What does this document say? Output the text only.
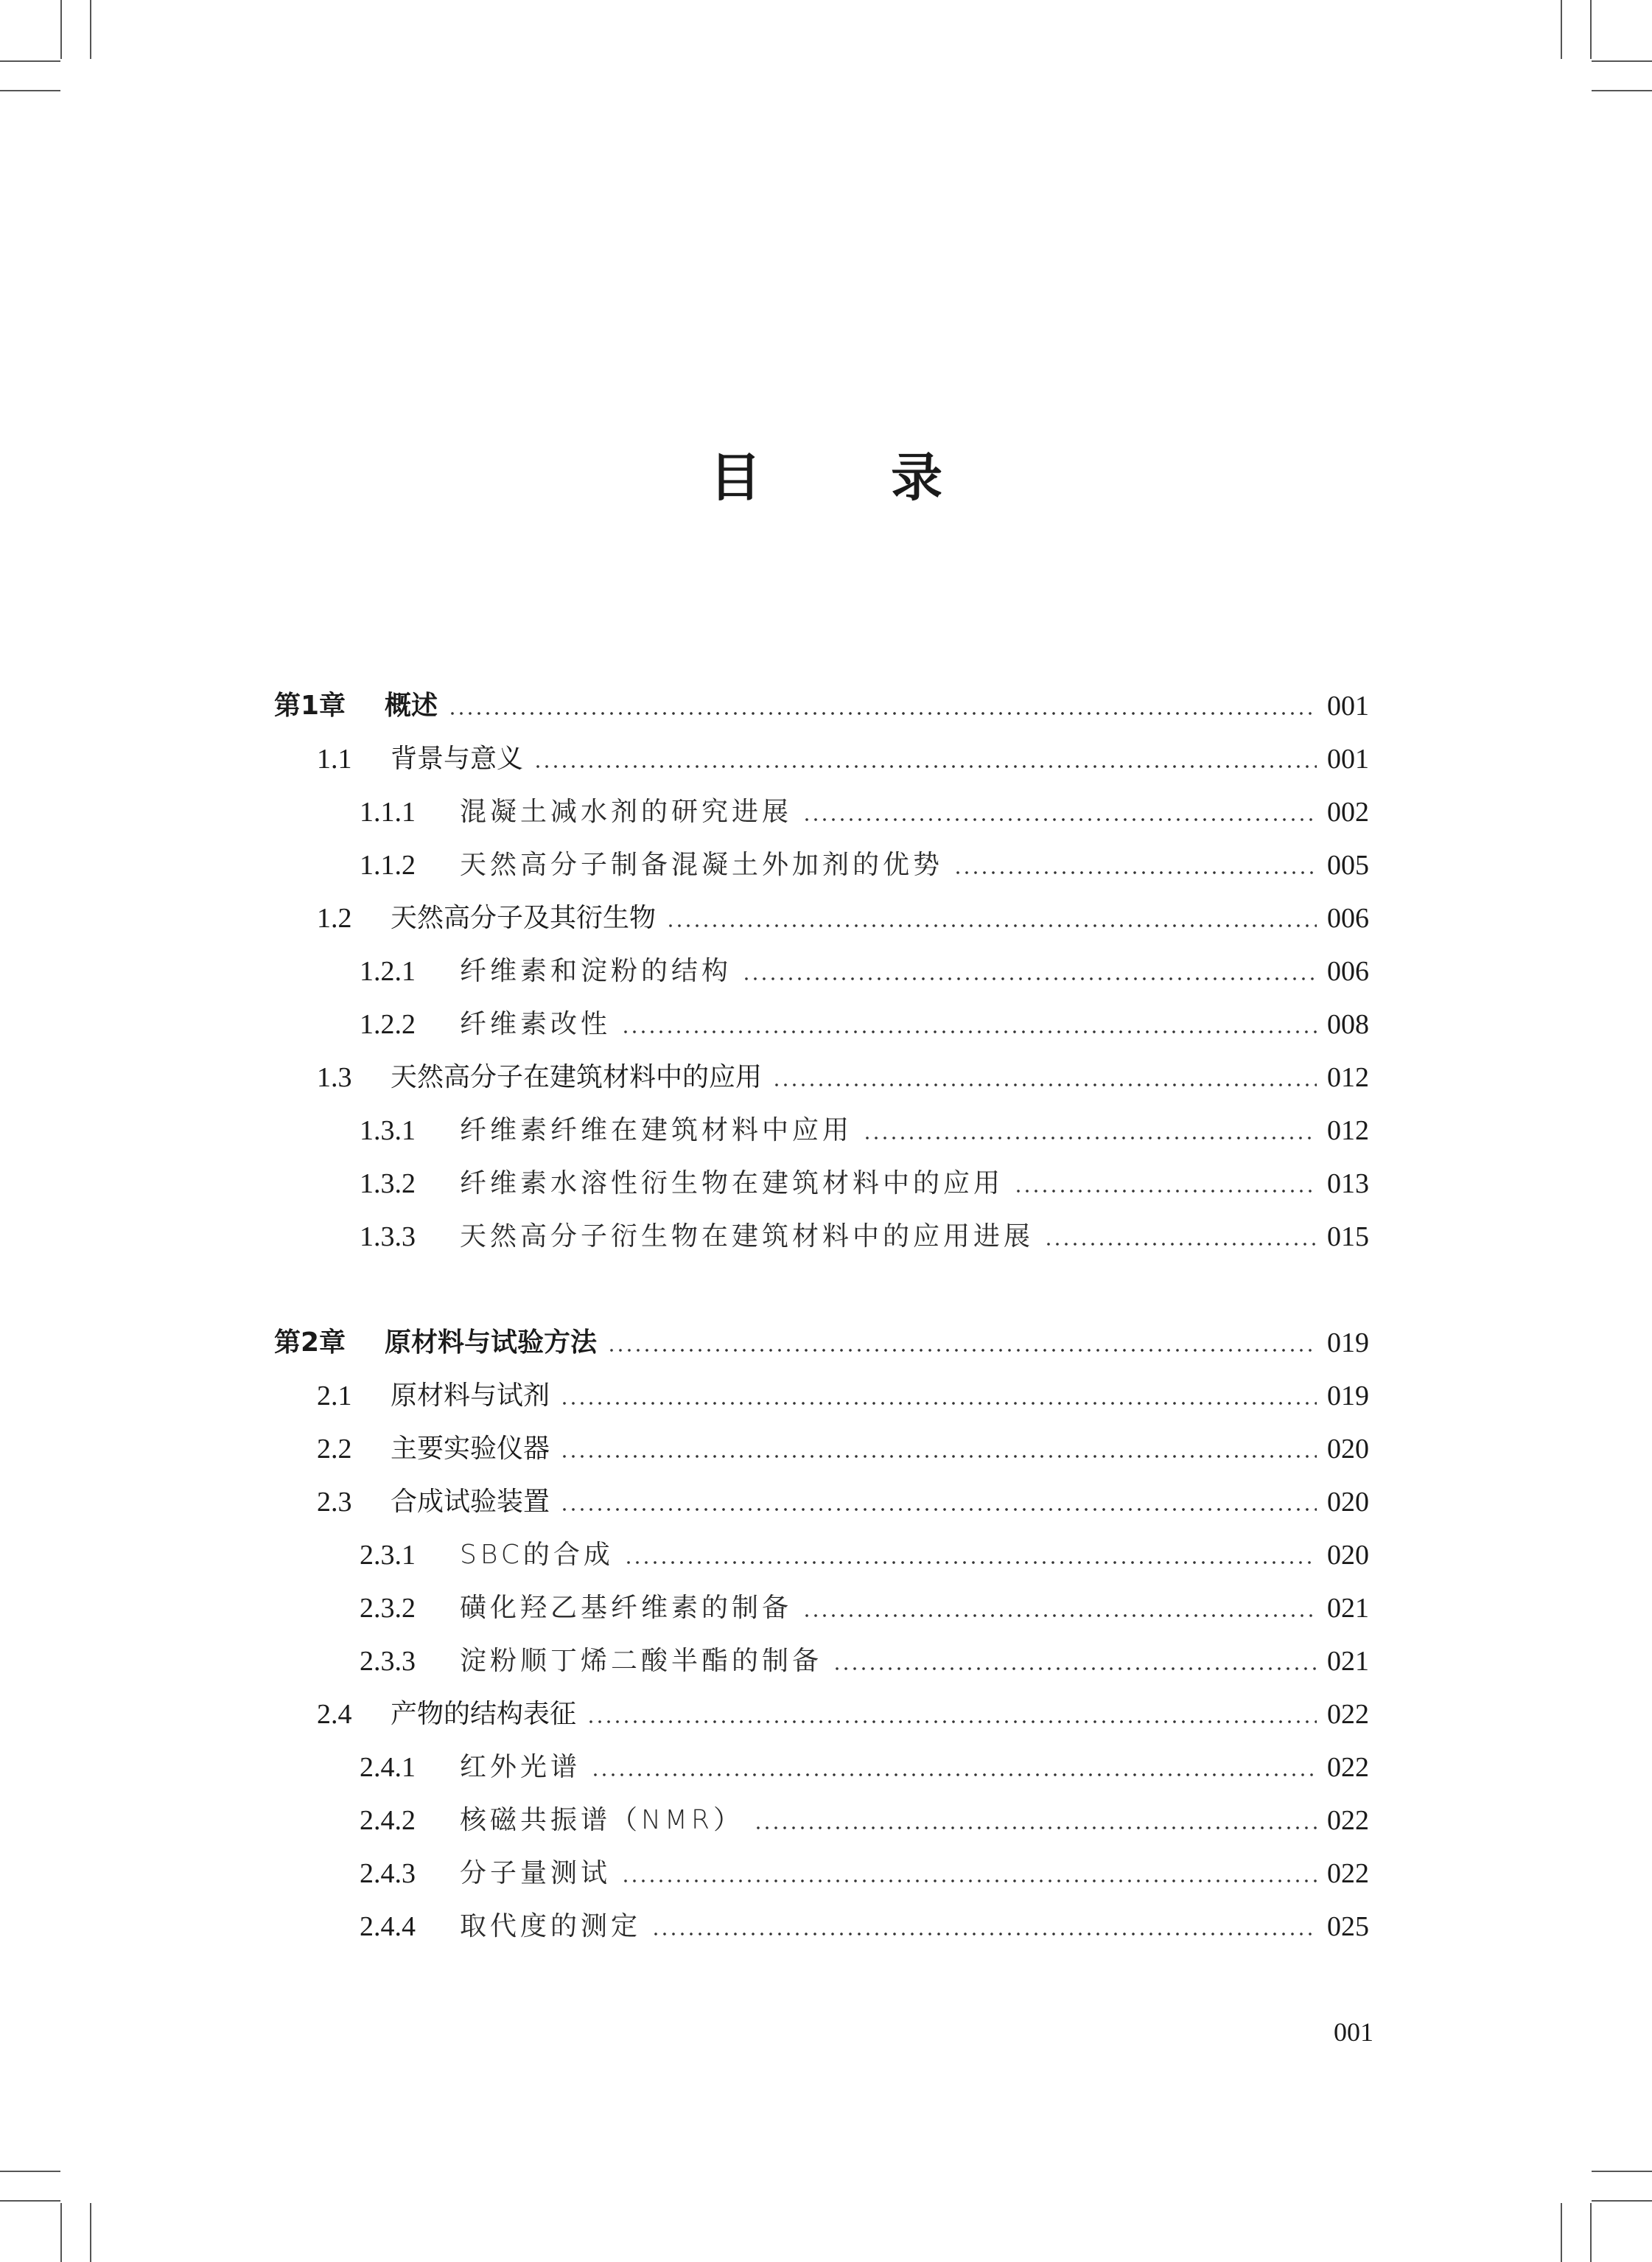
目 录
第1章	概述	001
1.1	背景与意义	001
1.1.1	混凝土减水剂的研究进展	002
1.1.2	天然高分子制备混凝土外加剂的优势	005
1.2	天然高分子及其衍生物	006
1.2.1	纤维素和淀粉的结构	006
1.2.2	纤维素改性	008
1.3	天然高分子在建筑材料中的应用	012
1.3.1	纤维素纤维在建筑材料中应用	012
1.3.2	纤维素水溶性衍生物在建筑材料中的应用	013
1.3.3	天然高分子衍生物在建筑材料中的应用进展	015
第2章	原材料与试验方法	019
2.1	原材料与试剂	019
2.2	主要实验仪器	020
2.3	合成试验装置	020
2.3.1	SBC的合成	020
2.3.2	磺化羟乙基纤维素的制备	021
2.3.3	淀粉顺丁烯二酸半酯的制备	021
2.4	产物的结构表征	022
2.4.1	红外光谱	022
2.4.2	核磁共振谱（NMR）	022
2.4.3	分子量测试	022
2.4.4	取代度的测定	025
001
